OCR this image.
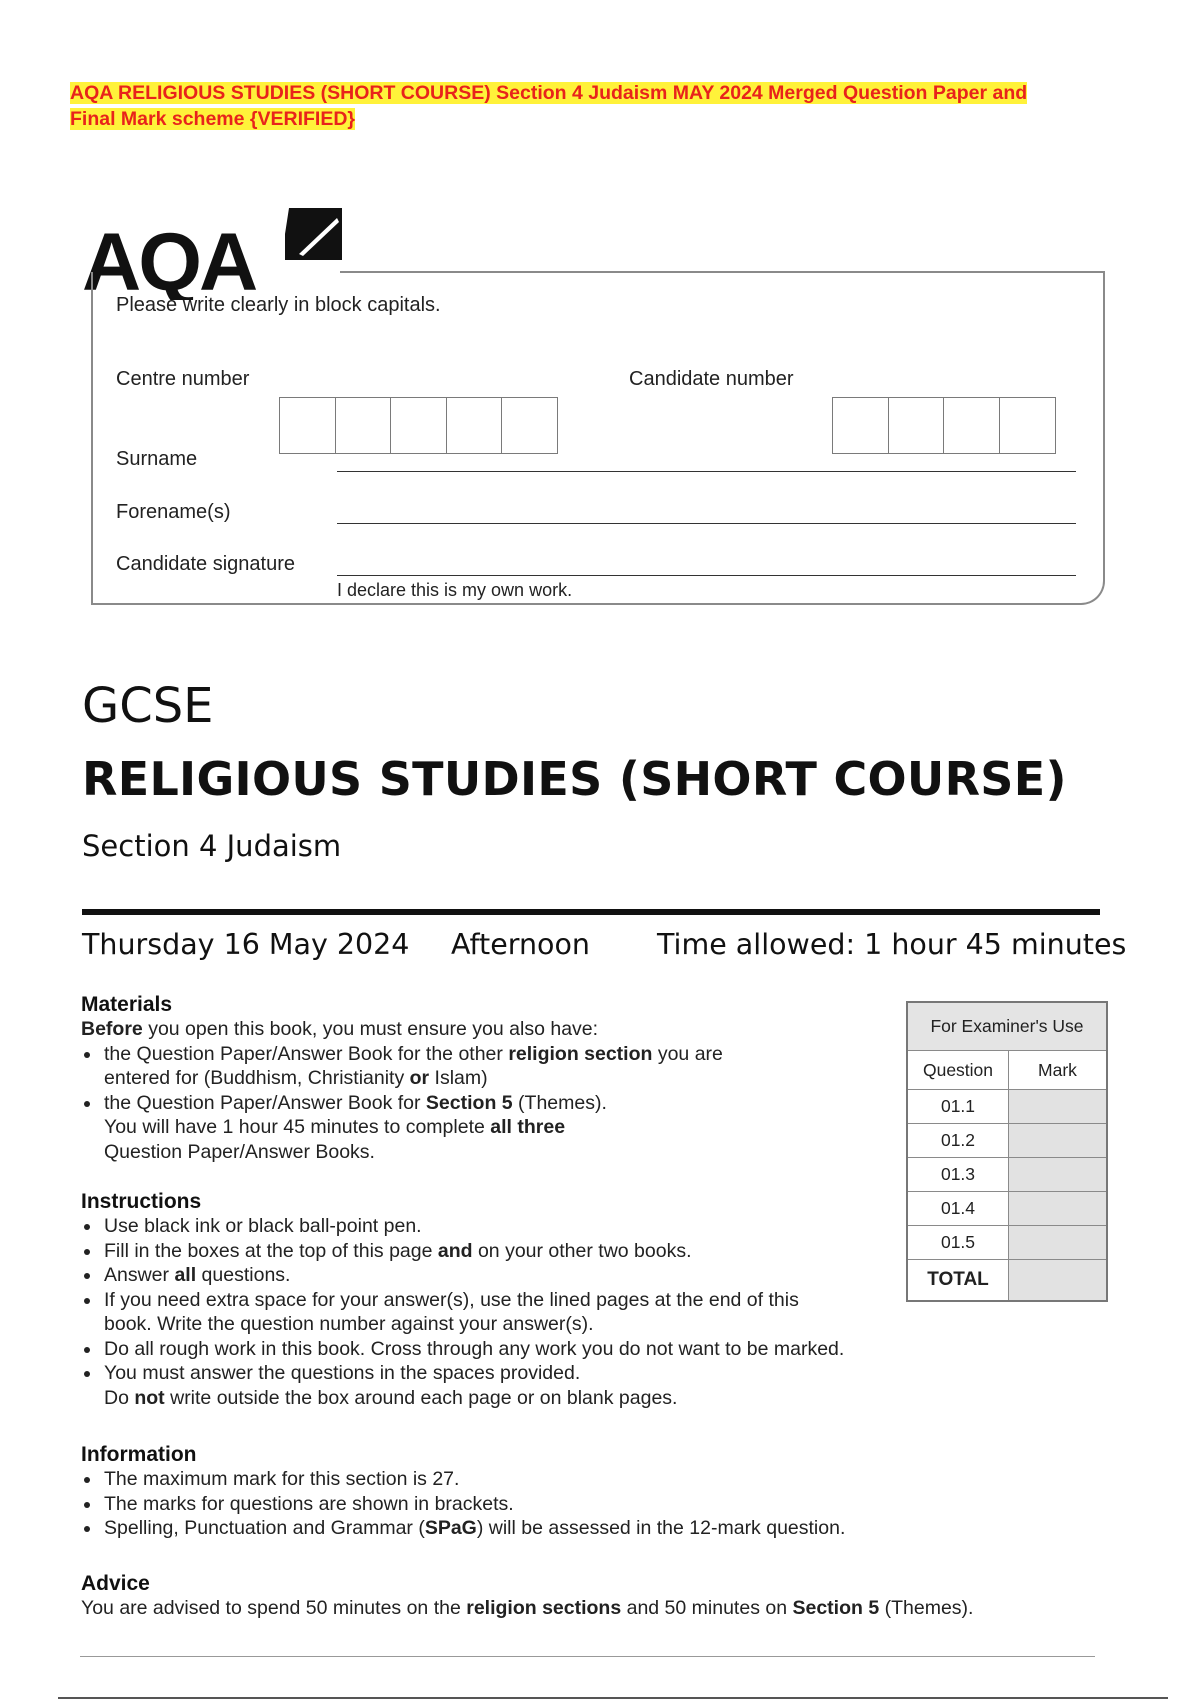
AQA RELIGIOUS STUDIES (SHORT COURSE) Section 4 Judaism MAY 2024 Merged Question Paper and
Final Mark scheme {VERIFIED}
AQA
Please write clearly in block capitals.
Centre number	Candidate number
Surname
Forename(s)
Candidate signature
I declare this is my own work.
GCSE
RELIGIOUS STUDIES (SHORT COURSE)
Section 4 Judaism
Thursday 16 May 2024 Afternoon Time allowed: 1 hour 45 minutes
Materials
Before you open this book, you must ensure you also have:
the Question Paper/Answer Book for the other religion section you are entered for (Buddhism, Christianity or Islam)
the Question Paper/Answer Book for Section 5 (Themes).
You will have 1 hour 45 minutes to complete all three
Question Paper/Answer Books.
Instructions
Use black ink or black ball-point pen.
Fill in the boxes at the top of this page and on your other two books.
Answer all questions.
If you need extra space for your answer(s), use the lined pages at the end of this book. Write the question number against your answer(s).
Do all rough work in this book. Cross through any work you do not want to be marked.
You must answer the questions in the spaces provided.
Do not write outside the box around each page or on blank pages.
Information
The maximum mark for this section is 27.
The marks for questions are shown in brackets.
Spelling, Punctuation and Grammar (SPaG) will be assessed in the 12-mark question.
Advice
You are advised to spend 50 minutes on the religion sections and 50 minutes on Section 5 (Themes).
For Examiner's Use	
Question	Mark
01.1	
01.2	
01.3	
01.4	
01.5	
TOTAL	
